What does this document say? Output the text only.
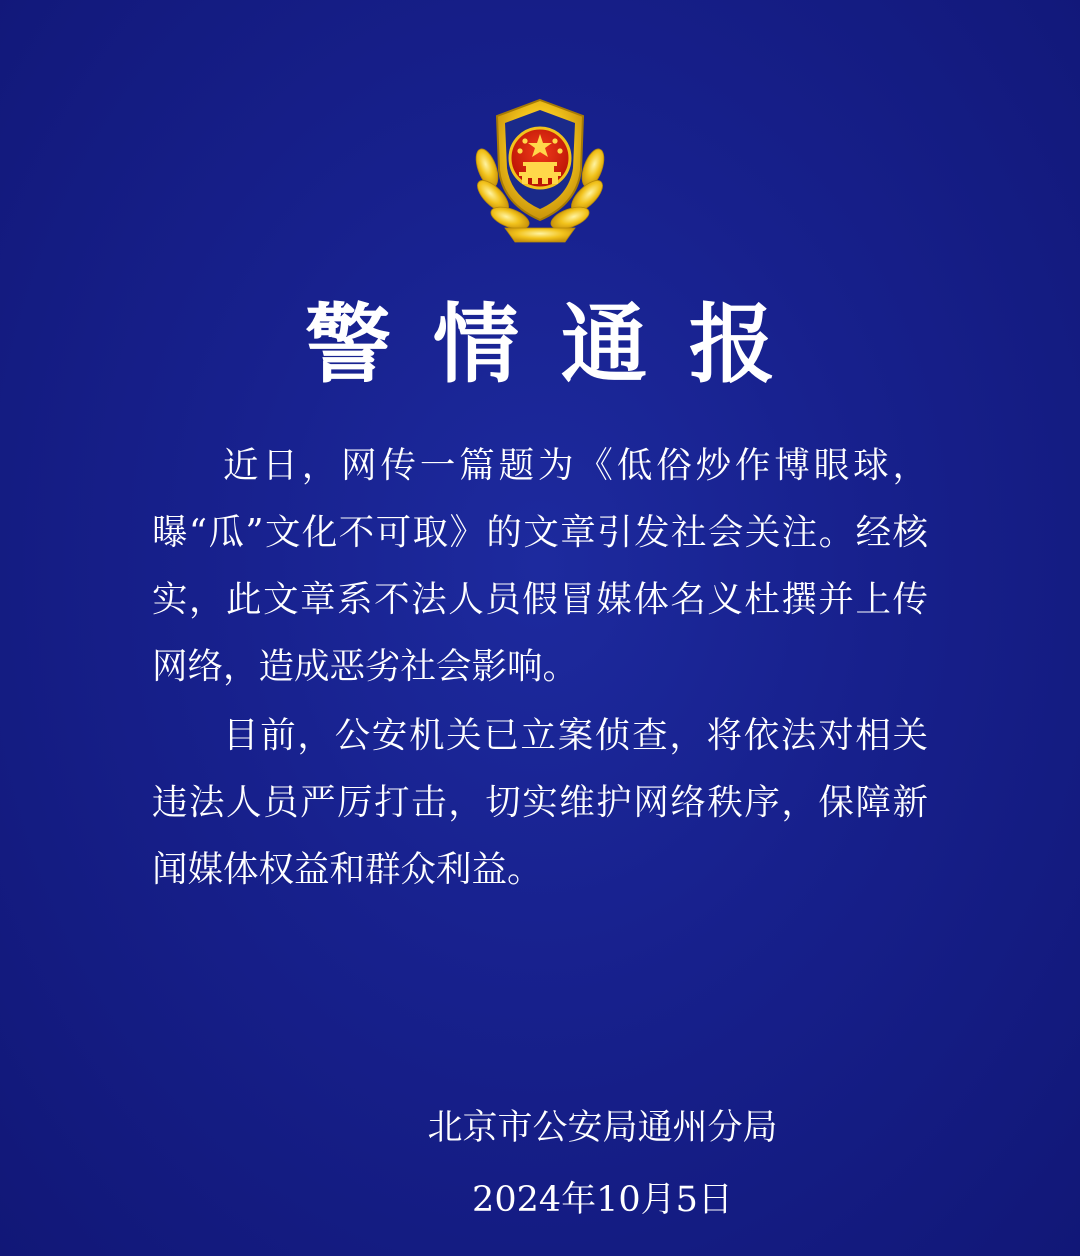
警情通报

近日，网传一篇题为《低俗炒作博眼球，曝“瓜”文化不可取》的文章引发社会关注。经核实，此文章系不法人员假冒媒体名义杜撰并上传网络，造成恶劣社会影响。

目前，公安机关已立案侦查，将依法对相关违法人员严厉打击，切实维护网络秩序，保障新闻媒体权益和群众利益。

北京市公安局通州分局
2024年10月5日
